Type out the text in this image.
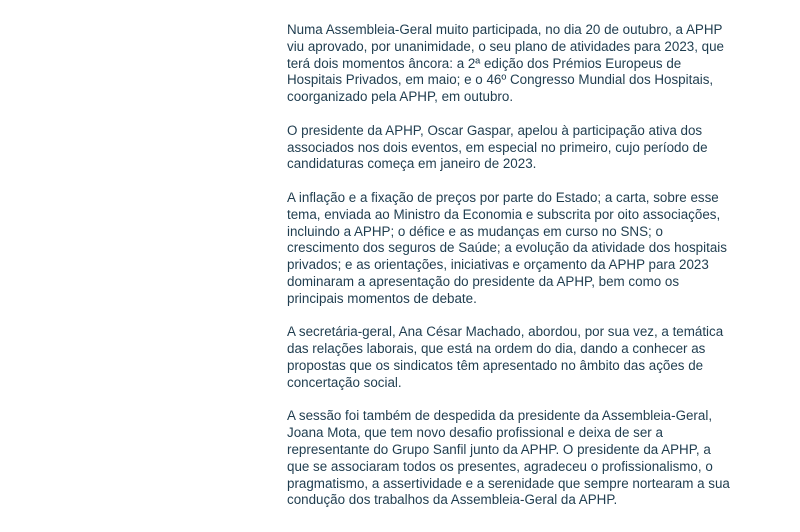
Numa Assembleia-Geral muito participada, no dia 20 de outubro, a APHP
viu aprovado, por unanimidade, o seu plano de atividades para 2023, que
terá dois momentos âncora: a 2ª edição dos Prémios Europeus de
Hospitais Privados, em maio; e o 46º Congresso Mundial dos Hospitais,
coorganizado pela APHP, em outubro.

O presidente da APHP, Oscar Gaspar, apelou à participação ativa dos
associados nos dois eventos, em especial no primeiro, cujo período de
candidaturas começa em janeiro de 2023.

A inflação e a fixação de preços por parte do Estado; a carta, sobre esse
tema, enviada ao Ministro da Economia e subscrita por oito associações,
incluindo a APHP; o défice e as mudanças em curso no SNS; o
crescimento dos seguros de Saúde; a evolução da atividade dos hospitais
privados; e as orientações, iniciativas e orçamento da APHP para 2023
dominaram a apresentação do presidente da APHP, bem como os
principais momentos de debate.

A secretária-geral, Ana César Machado, abordou, por sua vez, a temática
das relações laborais, que está na ordem do dia, dando a conhecer as
propostas que os sindicatos têm apresentado no âmbito das ações de
concertação social.

A sessão foi também de despedida da presidente da Assembleia-Geral,
Joana Mota, que tem novo desafio profissional e deixa de ser a
representante do Grupo Sanfil junto da APHP. O presidente da APHP, a
que se associaram todos os presentes, agradeceu o profissionalismo, o
pragmatismo, a assertividade e a serenidade que sempre nortearam a sua
condução dos trabalhos da Assembleia-Geral da APHP.
